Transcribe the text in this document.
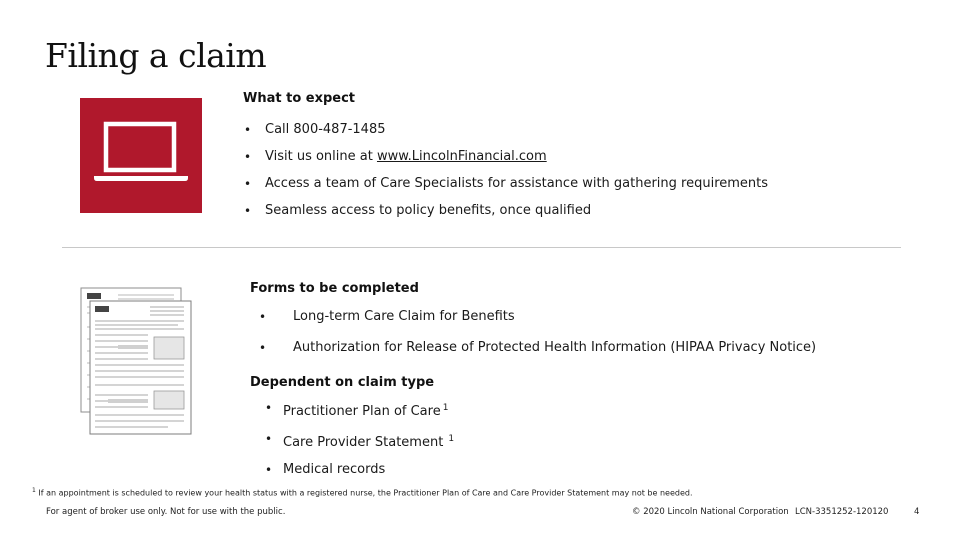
Filing a claim
What to expect
• Call 800-487-1485
• Visit us online at www.LincolnFinancial.com
• Access a team of Care Specialists for assistance with gathering requirements
• Seamless access to policy benefits, once qualified
Forms to be completed
• Long-term Care Claim for Benefits
• Authorization for Release of Protected Health Information (HIPAA Privacy Notice)
Dependent on claim type
• Practitioner Plan of Care $^1$
• Care Provider Statement $^1$
• Medical records
$^1$ If an appointment is scheduled to review your health status with a registered nurse, the Practitioner Plan of Care and Care Provider Statement may not be needed.
For agent of broker use only. Not for use with the public.	© 2020 Lincoln National Corporation LCN-3351252-120120	4
